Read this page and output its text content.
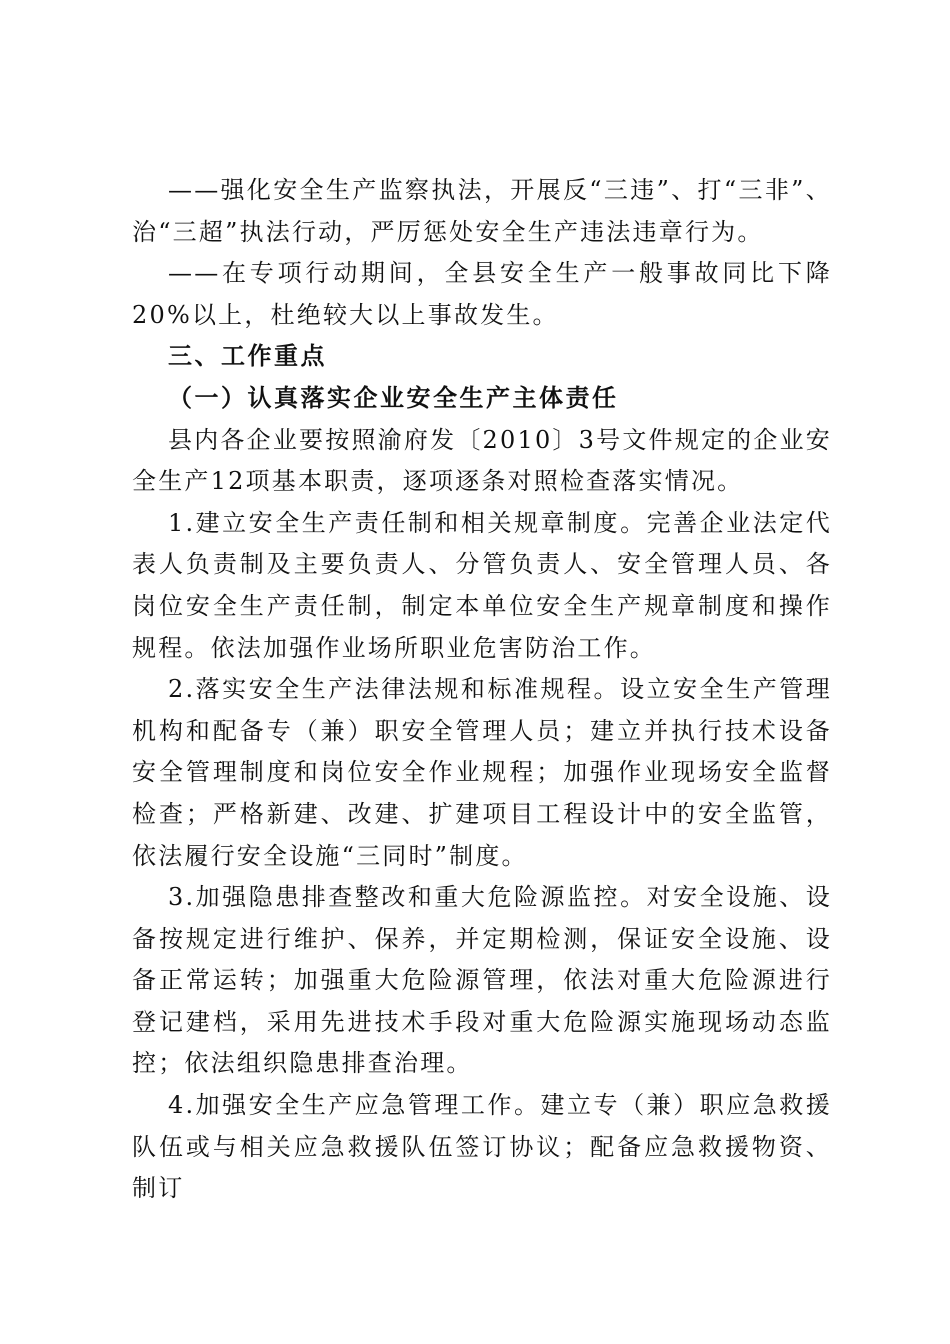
——强化安全生产监察执法，开展反“三违”、打“三非”、治“三超”执法行动，严厉惩处安全生产违法违章行为。

——在专项行动期间，全县安全生产一般事故同比下降20%以上，杜绝较大以上事故发生。

三、工作重点

（一）认真落实企业安全生产主体责任

县内各企业要按照渝府发〔2010〕3号文件规定的企业安全生产12项基本职责，逐项逐条对照检查落实情况。

1.建立安全生产责任制和相关规章制度。完善企业法定代表人负责制及主要负责人、分管负责人、安全管理人员、各岗位安全生产责任制，制定本单位安全生产规章制度和操作规程。依法加强作业场所职业危害防治工作。

2.落实安全生产法律法规和标准规程。设立安全生产管理机构和配备专（兼）职安全管理人员；建立并执行技术设备安全管理制度和岗位安全作业规程；加强作业现场安全监督检查；严格新建、改建、扩建项目工程设计中的安全监管，依法履行安全设施“三同时”制度。

3.加强隐患排查整改和重大危险源监控。对安全设施、设备按规定进行维护、保养，并定期检测，保证安全设施、设备正常运转；加强重大危险源管理，依法对重大危险源进行登记建档，采用先进技术手段对重大危险源实施现场动态监控；依法组织隐患排查治理。

4.加强安全生产应急管理工作。建立专（兼）职应急救援队伍或与相关应急救援队伍签订协议；配备应急救援物资、制订
